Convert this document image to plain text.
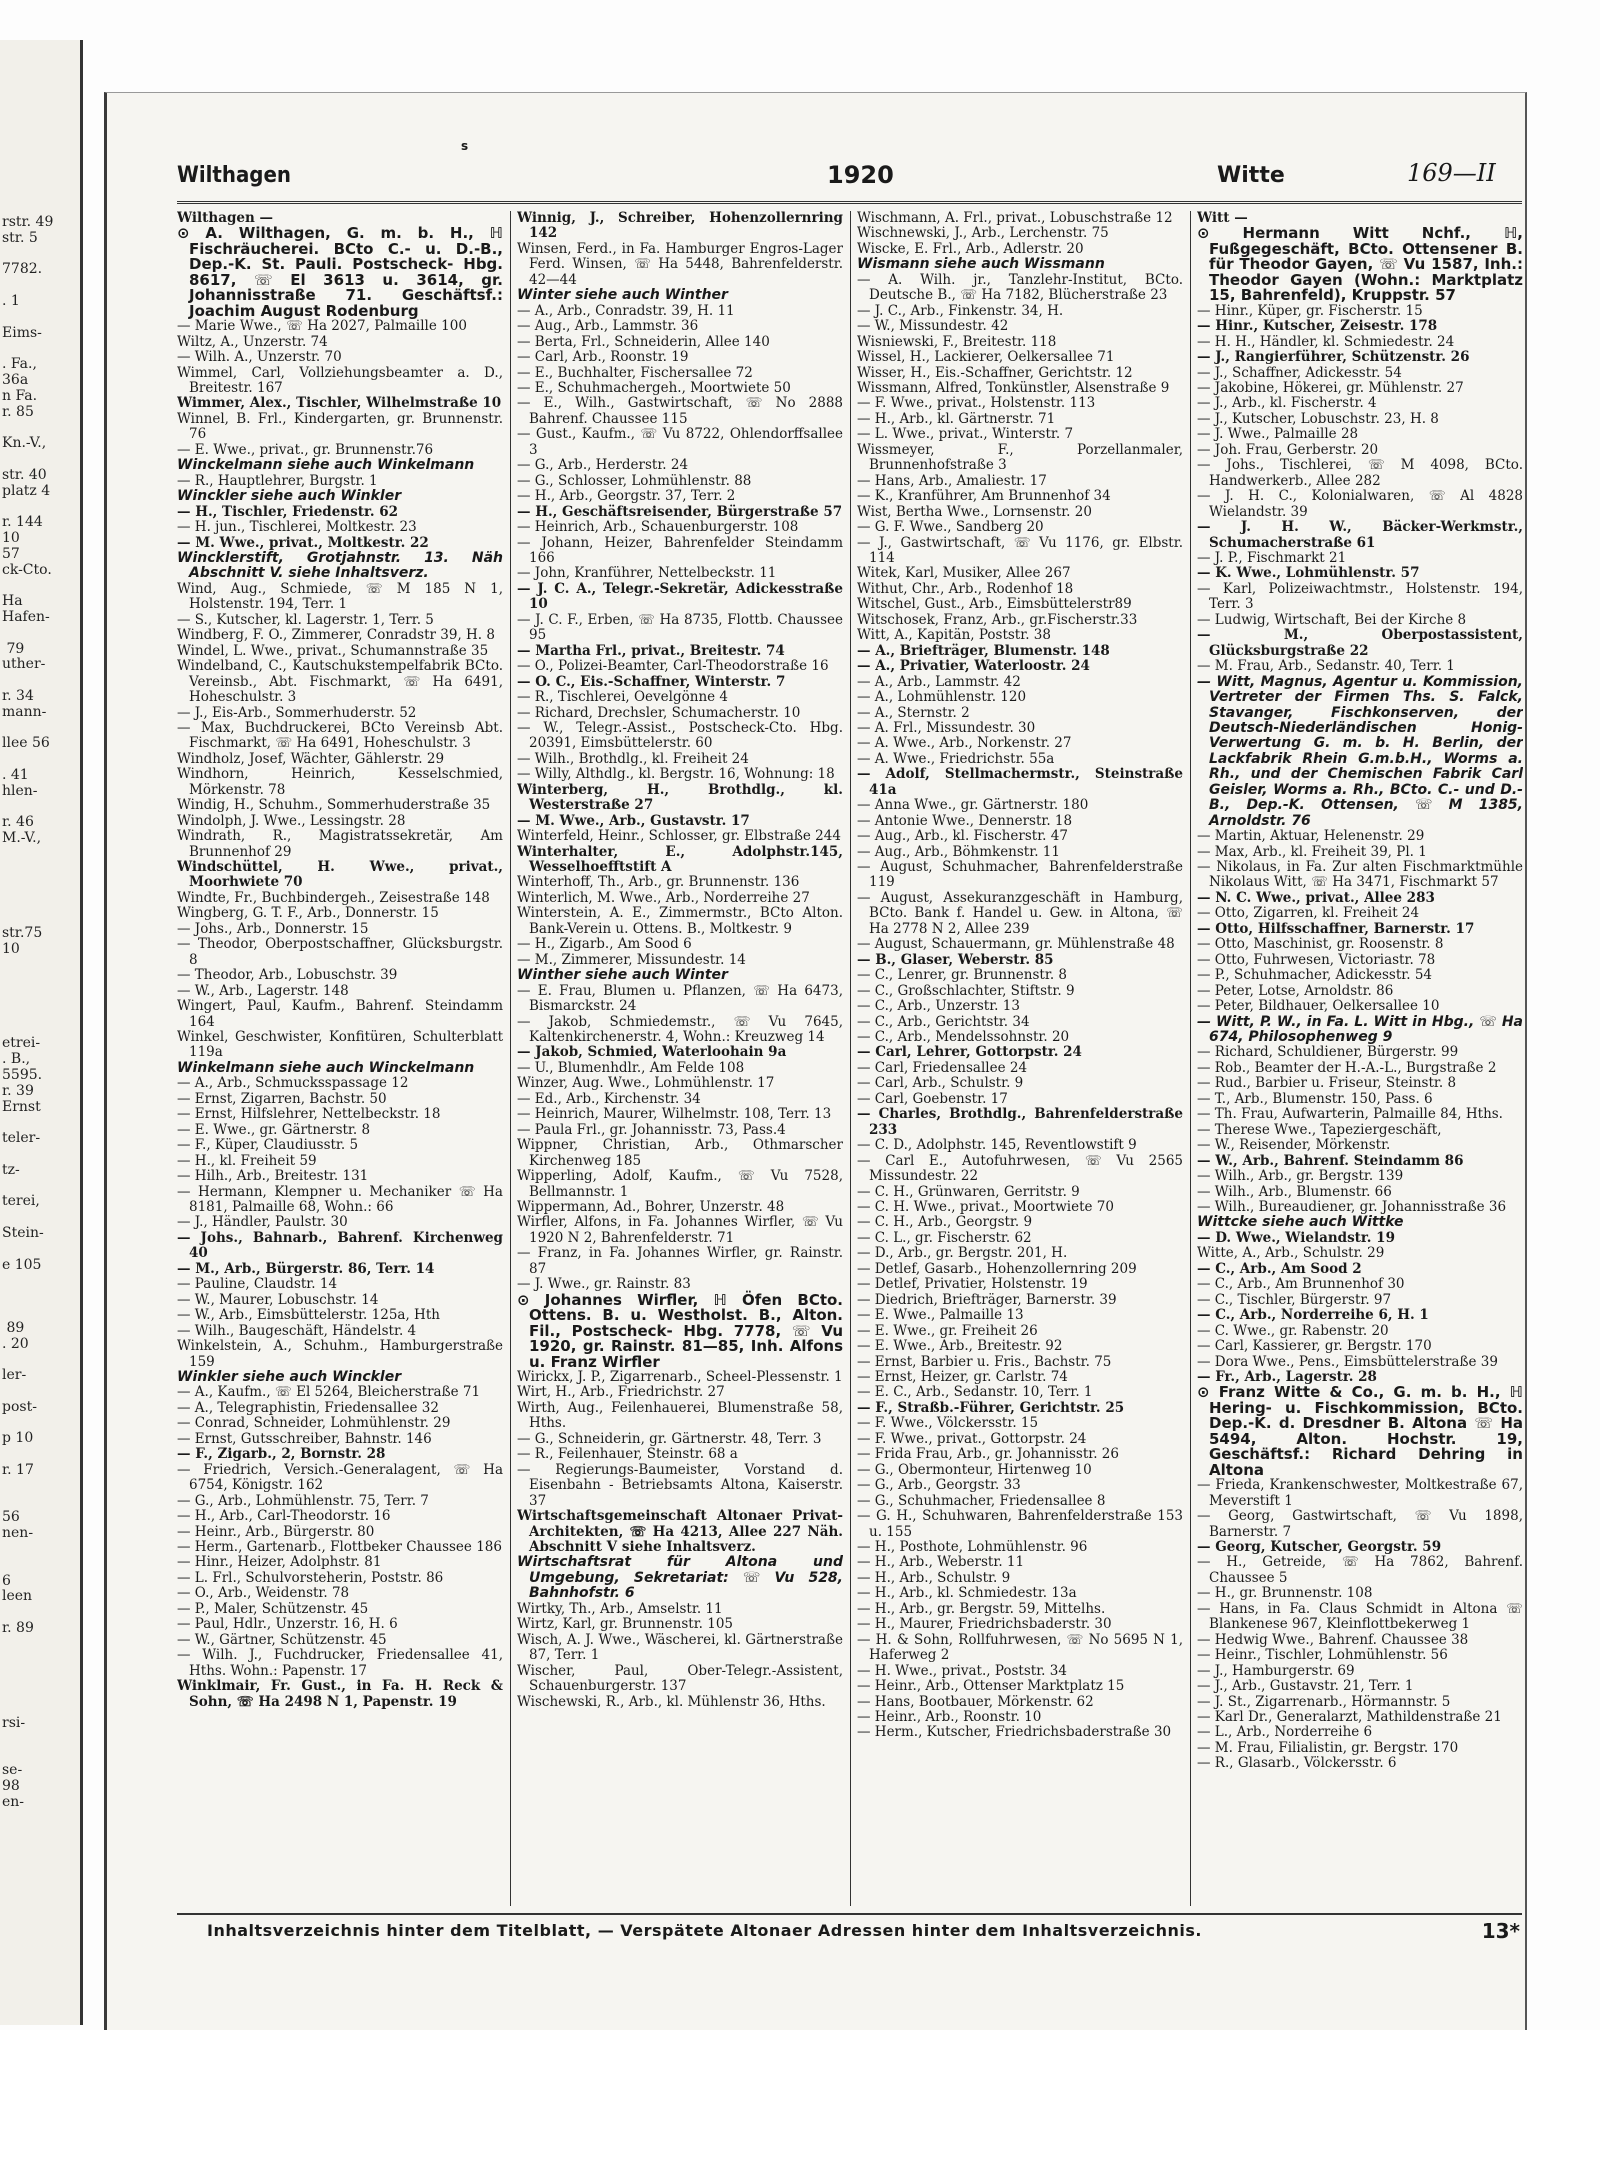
rstr. 49
str. 5

7782.

. 1

Eims-

. Fa.,
36a
n Fa.
r. 85

Kn.-V.,

str. 40
platz 4

r. 144
10
57
ck-Cto.

Ha
Hafen-

79
uther-

r. 34
mann-

llee 56

. 41
hlen-

r. 46
M.-V.,

str.75
10

etrei-
. B.,
5595.
r. 39
Ernst

teler-

tz-

terei,

Stein-

e 105

89
. 20

ler-

post-

p 10

r. 17

56
nen-

6
leen

r. 89

rsi-

se-
98
en-
s
Wilthagen	1920	Witte	169—II

Wilthagen —

⊙ A. Wilthagen, G. m. b. H., ℍ Fischräucherei. BCto C.- u. D.-B., Dep.-K. St. Pauli. Postscheck- Hbg. 8617, ☏ El 3613 u. 3614, gr. Johannisstraße 71. Geschäftsf.: Joachim August Rodenburg

— Marie Wwe., ☏ Ha 2027, Palmaille 100

Wiltz, A., Unzerstr. 74

— Wilh. A., Unzerstr. 70

Wimmel, Carl, Vollziehungsbeamter a. D., Breitestr. 167

Wimmer, Alex., Tischler, Wilhelmstraße 10

Winnel, B. Frl., Kindergarten, gr. Brunnenstr. 76

— E. Wwe., privat., gr. Brunnenstr.76

Winckelmann siehe auch Winkelmann

— R., Hauptlehrer, Burgstr. 1

Winckler siehe auch Winkler

— H., Tischler, Friedenstr. 62

— H. jun., Tischlerei, Moltkestr. 23

— M. Wwe., privat., Moltkestr. 22

Wincklerstift, Grotjahnstr. 13. Näh Abschnitt V. siehe Inhaltsverz.

Wind, Aug., Schmiede, ☏ M 185 N 1, Holstenstr. 194, Terr. 1

— S., Kutscher, kl. Lagerstr. 1, Terr. 5

Windberg, F. O., Zimmerer, Conradstr 39, H. 8

Windel, L. Wwe., privat., Schumannstraße 35

Windelband, C., Kautschukstempelfabrik BCto. Vereinsb., Abt. Fischmarkt, ☏ Ha 6491, Hoheschulstr. 3

— J., Eis-Arb., Sommerhuderstr. 52

— Max, Buchdruckerei, BCto Vereinsb Abt. Fischmarkt, ☏ Ha 6491, Hoheschulstr. 3

Windholz, Josef, Wächter, Gählerstr. 29

Windhorn, Heinrich, Kesselschmied, Mörkenstr. 78

Windig, H., Schuhm., Sommerhuderstraße 35

Windolph, J. Wwe., Lessingstr. 28

Windrath, R., Magistratssekretär, Am Brunnenhof 29

Windschüttel, H. Wwe., privat., Moorhwiete 70

Windte, Fr., Buchbindergeh., Zeisestraße 148

Wingberg, G. T. F., Arb., Donnerstr. 15

— Johs., Arb., Donnerstr. 15

— Theodor, Oberpostschaffner, Glücksburgstr. 8

— Theodor, Arb., Lobuschstr. 39

— W., Arb., Lagerstr. 148

Wingert, Paul, Kaufm., Bahrenf. Steindamm 164

Winkel, Geschwister, Konfitüren, Schulterblatt 119a

Winkelmann siehe auch Winckelmann

— A., Arb., Schmucksspassage 12

— Ernst, Zigarren, Bachstr. 50

— Ernst, Hilfslehrer, Nettelbeckstr. 18

— E. Wwe., gr. Gärtnerstr. 8

— F., Küper, Claudiusstr. 5

— H., kl. Freiheit 59

— Hilh., Arb., Breitestr. 131

— Hermann, Klempner u. Mechaniker ☏ Ha 8181, Palmaille 68, Wohn.: 66

— J., Händler, Paulstr. 30

— Johs., Bahnarb., Bahrenf. Kirchenweg 40

— M., Arb., Bürgerstr. 86, Terr. 14

— Pauline, Claudstr. 14

— W., Maurer, Lobuschstr. 14

— W., Arb., Eimsbüttelerstr. 125a, Hth

— Wilh., Baugeschäft, Händelstr. 4

Winkelstein, A., Schuhm., Hamburgerstraße 159

Winkler siehe auch Winckler

— A., Kaufm., ☏ El 5264, Bleicherstraße 71

— A., Telegraphistin, Friedensallee 32

— Conrad, Schneider, Lohmühlenstr. 29

— Ernst, Gutsschreiber, Bahnstr. 146

— F., Zigarb., 2, Bornstr. 28

— Friedrich, Versich.-Generalagent, ☏ Ha 6754, Königstr. 162

— G., Arb., Lohmühlenstr. 75, Terr. 7

— H., Arb., Carl-Theodorstr. 16

— Heinr., Arb., Bürgerstr. 80

— Herm., Gartenarb., Flottbeker Chaussee 186

— Hinr., Heizer, Adolphstr. 81

— L. Frl., Schulvorsteherin, Poststr. 86

— O., Arb., Weidenstr. 78

— P., Maler, Schützenstr. 45

— Paul, Hdlr., Unzerstr. 16, H. 6

— W., Gärtner, Schützenstr. 45

— Wilh. J., Fuchdrucker, Friedensallee 41, Hths. Wohn.: Papenstr. 17

Winklmair, Fr. Gust., in Fa. H. Reck & Sohn, ☏ Ha 2498 N 1, Papenstr. 19

Winnig, J., Schreiber, Hohenzollernring 142

Winsen, Ferd., in Fa. Hamburger Engros-Lager Ferd. Winsen, ☏ Ha 5448, Bahrenfelderstr. 42—44

Winter siehe auch Winther

— A., Arb., Conradstr. 39, H. 11

— Aug., Arb., Lammstr. 36

— Berta, Frl., Schneiderin, Allee 140

— Carl, Arb., Roonstr. 19

— E., Buchhalter, Fischersallee 72

— E., Schuhmachergeh., Moortwiete 50

— E., Wilh., Gastwirtschaft, ☏ No 2888 Bahrenf. Chaussee 115

— Gust., Kaufm., ☏ Vu 8722, Ohlendorffsallee 3

— G., Arb., Herderstr. 24

— G., Schlosser, Lohmühlenstr. 88

— H., Arb., Georgstr. 37, Terr. 2

— H., Geschäftsreisender, Bürgerstraße 57

— Heinrich, Arb., Schauenburgerstr. 108

— Johann, Heizer, Bahrenfelder Steindamm 166

— John, Kranführer, Nettelbeckstr. 11

— J. C. A., Telegr.-Sekretär, Adickesstraße 10

— J. C. F., Erben, ☏ Ha 8735, Flottb. Chaussee 95

— Martha Frl., privat., Breitestr. 74

— O., Polizei-Beamter, Carl-Theodorstraße 16

— O. C., Eis.-Schaffner, Winterstr. 7

— R., Tischlerei, Oevelgönne 4

— Richard, Drechsler, Schumacherstr. 10

— W., Telegr.-Assist., Postscheck-Cto. Hbg. 20391, Eimsbüttelerstr. 60

— Wilh., Brothdlg., kl. Freiheit 24

— Willy, Althdlg., kl. Bergstr. 16, Wohnung: 18

Winterberg, H., Brothdlg., kl. Westerstraße 27

— M. Wwe., Arb., Gustavstr. 17

Winterfeld, Heinr., Schlosser, gr. Elbstraße 244

Winterhalter, E., Adolphstr.145, Wesselhoefftstift A

Winterhoff, Th., Arb., gr. Brunnenstr. 136

Winterlich, M. Wwe., Arb., Norderreihe 27

Winterstein, A. E., Zimmermstr., BCto Alton. Bank-Verein u. Ottens. B., Moltkestr. 9

— H., Zigarb., Am Sood 6

— M., Zimmerer, Missundestr. 14

Winther siehe auch Winter

— E. Frau, Blumen u. Pflanzen, ☏ Ha 6473, Bismarckstr. 24

— Jakob, Schmiedemstr., ☏ Vu 7645, Kaltenkirchenerstr. 4, Wohn.: Kreuzweg 14

— Jakob, Schmied, Waterloohain 9a

— U., Blumenhdlr., Am Felde 108

Winzer, Aug. Wwe., Lohmühlenstr. 17

— Ed., Arb., Kirchenstr. 34

— Heinrich, Maurer, Wilhelmstr. 108, Terr. 13

— Paula Frl., gr. Johannisstr. 73, Pass.4

Wippner, Christian, Arb., Othmarscher Kirchenweg 185

Wipperling, Adolf, Kaufm., ☏ Vu 7528, Bellmannstr. 1

Wippermann, Ad., Bohrer, Unzerstr. 48

Wirfler, Alfons, in Fa. Johannes Wirfler, ☏ Vu 1920 N 2, Bahrenfelderstr. 71

— Franz, in Fa. Johannes Wirfler, gr. Rainstr. 87

— J. Wwe., gr. Rainstr. 83

⊙ Johannes Wirfler, ℍ Öfen BCto. Ottens. B. u. Westholst. B., Alton. Fil., Postscheck- Hbg. 7778, ☏ Vu 1920, gr. Rainstr. 81—85, Inh. Alfons u. Franz Wirfler

Wirickx, J. P., Zigarrenarb., Scheel-Plessenstr. 1

Wirt, H., Arb., Friedrichstr. 27

Wirth, Aug., Feilenhauerei, Blumenstraße 58, Hths.

— G., Schneiderin, gr. Gärtnerstr. 48, Terr. 3

— R., Feilenhauer, Steinstr. 68 a

— Regierungs-Baumeister, Vorstand d. Eisenbahn - Betriebsamts Altona, Kaiserstr. 37

Wirtschaftsgemeinschaft Altonaer Privat-Architekten, ☏ Ha 4213, Allee 227 Näh. Abschnitt V siehe Inhaltsverz.

Wirtschaftsrat für Altona und Umgebung, Sekretariat: ☏ Vu 528, Bahnhofstr. 6

Wirtky, Th., Arb., Amselstr. 11

Wirtz, Karl, gr. Brunnenstr. 105

Wisch, A. J. Wwe., Wäscherei, kl. Gärtnerstraße 87, Terr. 1

Wischer, Paul, Ober-Telegr.-Assistent, Schauenburgerstr. 137

Wischewski, R., Arb., kl. Mühlenstr 36, Hths.

Wischmann, A. Frl., privat., Lobuschstraße 12

Wischnewski, J., Arb., Lerchenstr. 75

Wiscke, E. Frl., Arb., Adlerstr. 20

Wismann siehe auch Wissmann

— A. Wilh. jr., Tanzlehr-Institut, BCto. Deutsche B., ☏ Ha 7182, Blücherstraße 23

— J. C., Arb., Finkenstr. 34, H.

— W., Missundestr. 42

Wisniewski, F., Breitestr. 118

Wissel, H., Lackierer, Oelkersallee 71

Wisser, H., Eis.-Schaffner, Gerichtstr. 12

Wissmann, Alfred, Tonkünstler, Alsenstraße 9

— F. Wwe., privat., Holstenstr. 113

— H., Arb., kl. Gärtnerstr. 71

— L. Wwe., privat., Winterstr. 7

Wissmeyer, F., Porzellanmaler, Brunnenhofstraße 3

— Hans, Arb., Amaliestr. 17

— K., Kranführer, Am Brunnenhof 34

Wist, Bertha Wwe., Lornsenstr. 20

— G. F. Wwe., Sandberg 20

— J., Gastwirtschaft, ☏ Vu 1176, gr. Elbstr. 114

Witek, Karl, Musiker, Allee 267

Withut, Chr., Arb., Rodenhof 18

Witschel, Gust., Arb., Eimsbüttelerstr89

Witschosek, Franz, Arb., gr.Fischerstr.33

Witt, A., Kapitän, Poststr. 38

— A., Briefträger, Blumenstr. 148

— A., Privatier, Waterloostr. 24

— A., Arb., Lammstr. 42

— A., Lohmühlenstr. 120

— A., Sternstr. 2

— A. Frl., Missundestr. 30

— A. Wwe., Arb., Norkenstr. 27

— A. Wwe., Friedrichstr. 55a

— Adolf, Stellmachermstr., Steinstraße 41a

— Anna Wwe., gr. Gärtnerstr. 180

— Antonie Wwe., Dennerstr. 18

— Aug., Arb., kl. Fischerstr. 47

— Aug., Arb., Böhmkenstr. 11

— August, Schuhmacher, Bahrenfelderstraße 119

— August, Assekuranzgeschäft in Hamburg, BCto. Bank f. Handel u. Gew. in Altona, ☏ Ha 2778 N 2, Allee 239

— August, Schauermann, gr. Mühlenstraße 48

— B., Glaser, Weberstr. 85

— C., Lenrer, gr. Brunnenstr. 8

— C., Großschlachter, Stiftstr. 9

— C., Arb., Unzerstr. 13

— C., Arb., Gerichtstr. 34

— C., Arb., Mendelssohnstr. 20

— Carl, Lehrer, Gottorpstr. 24

— Carl, Friedensallee 24

— Carl, Arb., Schulstr. 9

— Carl, Goebenstr. 17

— Charles, Brothdlg., Bahrenfelderstraße 233

— C. D., Adolphstr. 145, Reventlowstift 9

— Carl E., Autofuhrwesen, ☏ Vu 2565 Missundestr. 22

— C. H., Grünwaren, Gerritstr. 9

— C. H. Wwe., privat., Moortwiete 70

— C. H., Arb., Georgstr. 9

— C. L., gr. Fischerstr. 62

— D., Arb., gr. Bergstr. 201, H.

— Detlef, Gasarb., Hohenzollernring 209

— Detlef, Privatier, Holstenstr. 19

— Diedrich, Briefträger, Barnerstr. 39

— E. Wwe., Palmaille 13

— E. Wwe., gr. Freiheit 26

— E. Wwe., Arb., Breitestr. 92

— Ernst, Barbier u. Fris., Bachstr. 75

— Ernst, Heizer, gr. Carlstr. 74

— E. C., Arb., Sedanstr. 10, Terr. 1

— F., Straßb.-Führer, Gerichtstr. 25

— F. Wwe., Völckersstr. 15

— F. Wwe., privat., Gottorpstr. 24

— Frida Frau, Arb., gr. Johannisstr. 26

— G., Obermonteur, Hirtenweg 10

— G., Arb., Georgstr. 33

— G., Schuhmacher, Friedensallee 8

— G. H., Schuhwaren, Bahrenfelderstraße 153 u. 155

— H., Posthote, Lohmühlenstr. 96

— H., Arb., Weberstr. 11

— H., Arb., Schulstr. 9

— H., Arb., kl. Schmiedestr. 13a

— H., Arb., gr. Bergstr. 59, Mittelhs.

— H., Maurer, Friedrichsbaderstr. 30

— H. & Sohn, Rollfuhrwesen, ☏ No 5695 N 1, Haferweg 2

— H. Wwe., privat., Poststr. 34

— Heinr., Arb., Ottenser Marktplatz 15

— Hans, Bootbauer, Mörkenstr. 62

— Heinr., Arb., Roonstr. 10

— Herm., Kutscher, Friedrichsbaderstraße 30

Witt —

⊙ Hermann Witt Nchf., ℍ, Fußgegeschäft, BCto. Ottensener B. für Theodor Gayen, ☏ Vu 1587, Inh.: Theodor Gayen (Wohn.: Marktplatz 15, Bahrenfeld), Kruppstr. 57

— Hinr., Küper, gr. Fischerstr. 15

— Hinr., Kutscher, Zeisestr. 178

— H. H., Händler, kl. Schmiedestr. 24

— J., Rangierführer, Schützenstr. 26

— J., Schaffner, Adickesstr. 54

— Jakobine, Hökerei, gr. Mühlenstr. 27

— J., Arb., kl. Fischerstr. 4

— J., Kutscher, Lobuschstr. 23, H. 8

— J. Wwe., Palmaille 28

— Joh. Frau, Gerberstr. 20

— Johs., Tischlerei, ☏ M 4098, BCto. Handwerkerb., Allee 282

— J. H. C., Kolonialwaren, ☏ Al 4828 Wielandstr. 39

— J. H. W., Bäcker-Werkmstr., Schumacherstraße 61

— J. P., Fischmarkt 21

— K. Wwe., Lohmühlenstr. 57

— Karl, Polizeiwachtmstr., Holstenstr. 194, Terr. 3

— Ludwig, Wirtschaft, Bei der Kirche 8

— M., Oberpostassistent, Glücksburgstraße 22

— M. Frau, Arb., Sedanstr. 40, Terr. 1

— Witt, Magnus, Agentur u. Kommission, Vertreter der Firmen Ths. S. Falck, Stavanger, Fischkonserven, der Deutsch-Niederländischen Honig-Verwertung G. m. b. H. Berlin, der Lackfabrik Rhein G.m.b.H., Worms a. Rh., und der Chemischen Fabrik Carl Geisler, Worms a. Rh., BCto. C.- und D.-B., Dep.-K. Ottensen, ☏ M 1385, Arnoldstr. 76

— Martin, Aktuar, Helenenstr. 29

— Max, Arb., kl. Freiheit 39, Pl. 1

— Nikolaus, in Fa. Zur alten Fischmarktmühle Nikolaus Witt, ☏ Ha 3471, Fischmarkt 57

— N. C. Wwe., privat., Allee 283

— Otto, Zigarren, kl. Freiheit 24

— Otto, Hilfsschaffner, Barnerstr. 17

— Otto, Maschinist, gr. Roosenstr. 8

— Otto, Fuhrwesen, Victoriastr. 78

— P., Schuhmacher, Adickesstr. 54

— Peter, Lotse, Arnoldstr. 86

— Peter, Bildhauer, Oelkersallee 10

— Witt, P. W., in Fa. L. Witt in Hbg., ☏ Ha 674, Philosophenweg 9

— Richard, Schuldiener, Bürgerstr. 99

— Rob., Beamter der H.-A.-L., Burgstraße 2

— Rud., Barbier u. Friseur, Steinstr. 8

— T., Arb., Blumenstr. 150, Pass. 6

— Th. Frau, Aufwarterin, Palmaille 84, Hths.

— Therese Wwe., Tapeziergeschäft,

— W., Reisender, Mörkenstr.

— W., Arb., Bahrenf. Steindamm 86

— Wilh., Arb., gr. Bergstr. 139

— Wilh., Arb., Blumenstr. 66

— Wilh., Bureaudiener, gr. Johannisstraße 36

Wittcke siehe auch Wittke

— D. Wwe., Wielandstr. 19

Witte, A., Arb., Schulstr. 29

— C., Arb., Am Sood 2

— C., Arb., Am Brunnenhof 30

— C., Tischler, Bürgerstr. 97

— C., Arb., Norderreihe 6, H. 1

— C. Wwe., gr. Rabenstr. 20

— Carl, Kassierer, gr. Bergstr. 170

— Dora Wwe., Pens., Eimsbüttelerstraße 39

— Fr., Arb., Lagerstr. 28

⊙ Franz Witte & Co., G. m. b. H., ℍ Hering- u. Fischkommission, BCto. Dep.-K. d. Dresdner B. Altona ☏ Ha 5494, Alton. Hochstr. 19, Geschäftsf.: Richard Dehring in Altona

— Frieda, Krankenschwester, Moltkestraße 67, Meverstift 1

— Georg, Gastwirtschaft, ☏ Vu 1898, Barnerstr. 7

— Georg, Kutscher, Georgstr. 59

— H., Getreide, ☏ Ha 7862, Bahrenf. Chaussee 5

— H., gr. Brunnenstr. 108

— Hans, in Fa. Claus Schmidt in Altona ☏ Blankenese 967, Kleinflottbekerweg 1

— Hedwig Wwe., Bahrenf. Chaussee 38

— Heinr., Tischler, Lohmühlenstr. 56

— J., Hamburgerstr. 69

— J., Arb., Gustavstr. 21, Terr. 1

— J. St., Zigarrenarb., Hörmannstr. 5

— Karl Dr., Generalarzt, Mathildenstraße 21

— L., Arb., Norderreihe 6

— M. Frau, Filialistin, gr. Bergstr. 170

— R., Glasarb., Völckersstr. 6

Inhaltsverzeichnis hinter dem Titelblatt, — Verspätete Altonaer Adressen hinter dem Inhaltsverzeichnis.	13*
